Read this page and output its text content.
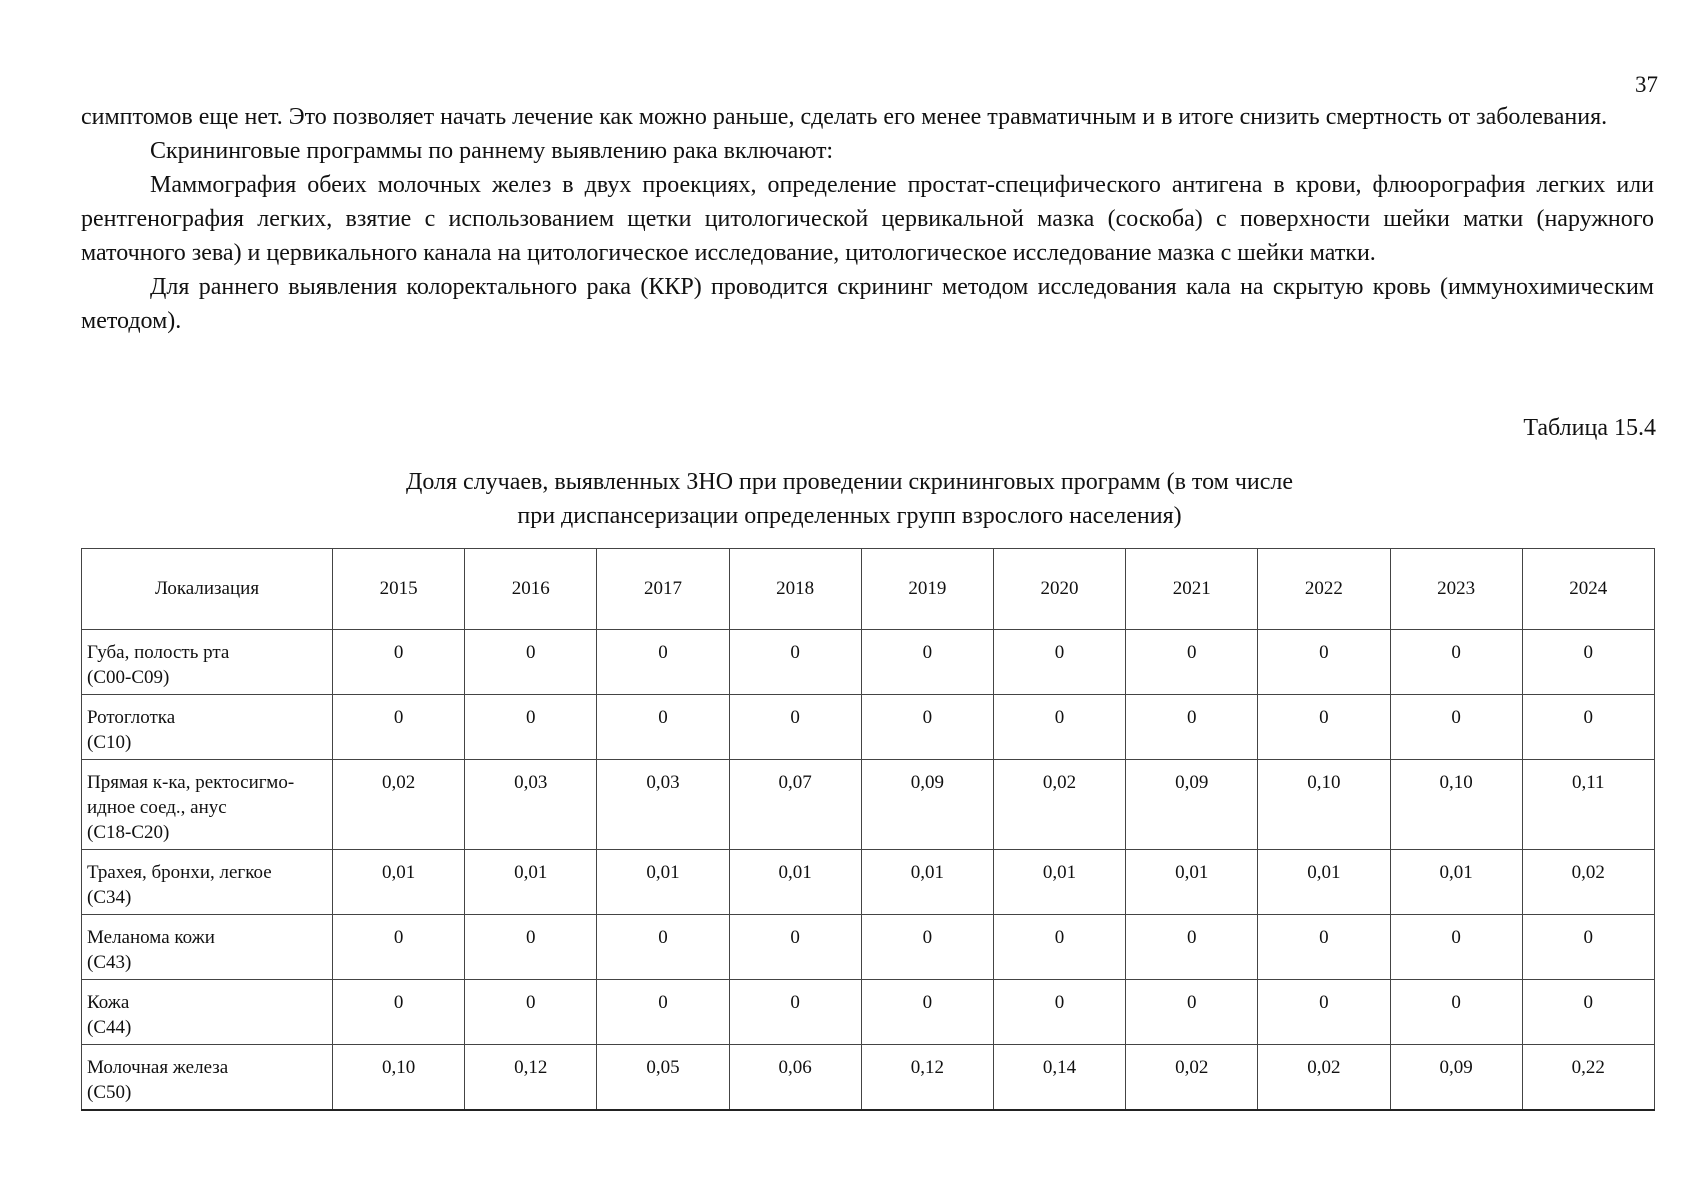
37

симптомов еще нет. Это позволяет начать лечение как можно раньше, сделать его менее травматичным и в итоге снизить смертность от заболевания.

Скрининговые программы по раннему выявлению рака включают:

Маммография обеих молочных желез в двух проекциях, определение простат-специфического антигена в крови, флюорография легких или рентгенография легких, взятие с использованием щетки цитологической цервикальной мазка (соскоба) с поверхности шейки матки (наружного маточного зева) и цервикального канала на цитологическое исследование, цитологическое исследование мазка с шейки матки.

Для раннего выявления колоректального рака (ККР) проводится скрининг методом исследования кала на скрытую кровь (иммунохимическим методом).

Таблица 15.4
Доля случаев, выявленных ЗНО при проведении скрининговых программ (в том числе
при диспансеризации определенных групп взрослого населения)
Локализация	2015	2016	2017	2018	2019	2020	2021	2022	2023	2024

Губа, полость рта
(С00-С09)	0	0	0	0	0	0	0	0	0	0

Ротоглотка
(С10)	0	0	0	0	0	0	0	0	0	0

Прямая к-ка, ректосигмо-
идное соед., анус
(С18-С20)	0,02	0,03	0,03	0,07	0,09	0,02	0,09	0,10	0,10	0,11

Трахея, бронхи, легкое
(С34)	0,01	0,01	0,01	0,01	0,01	0,01	0,01	0,01	0,01	0,02

Меланома кожи
(С43)	0	0	0	0	0	0	0	0	0	0

Кожа
(С44)	0	0	0	0	0	0	0	0	0	0

Молочная железа
(С50)	0,10	0,12	0,05	0,06	0,12	0,14	0,02	0,02	0,09	0,22
